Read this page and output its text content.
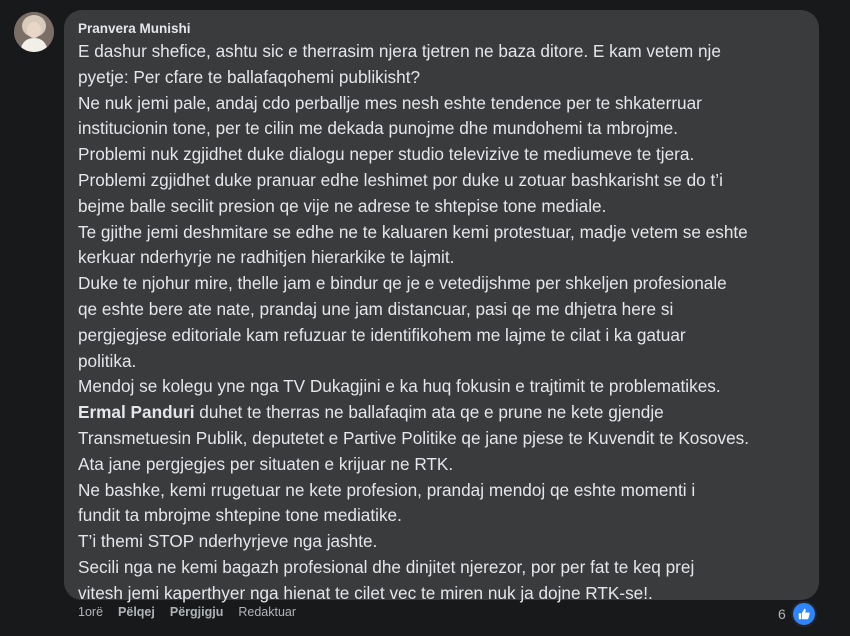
Pranvera Munishi

E dashur shefice, ashtu sic e therrasim njera tjetren ne baza ditore. E kam vetem nje

pyetje: Per cfare te ballafaqohemi publikisht?

Ne nuk jemi pale, andaj cdo perballje mes nesh eshte tendence per te shkaterruar

institucionin tone, per te cilin me dekada punojme dhe mundohemi ta mbrojme.

Problemi nuk zgjidhet duke dialogu neper studio televizive te mediumeve te tjera.

Problemi zgjidhet duke pranuar edhe leshimet por duke u zotuar bashkarisht se do t’i

bejme balle secilit presion qe vije ne adrese te shtepise tone mediale.

Te gjithe jemi deshmitare se edhe ne te kaluaren kemi protestuar, madje vetem se eshte

kerkuar nderhyrje ne radhitjen hierarkike te lajmit.

Duke te njohur mire, thelle jam e bindur qe je e vetedijshme per shkeljen profesionale

qe eshte bere ate nate, prandaj une jam distancuar, pasi qe me dhjetra here si

pergjegjese editoriale kam refuzuar te identifikohem me lajme te cilat i ka gatuar

politika.

Mendoj se kolegu yne nga TV Dukagjini e ka huq fokusin e trajtimit te problematikes.

Ermal Panduri duhet te therras ne ballafaqim ata qe e prune ne kete gjendje

Transmetuesin Publik, deputetet e Partive Politike qe jane pjese te Kuvendit te Kosoves.

Ata jane pergjegjes per situaten e krijuar ne RTK.

Ne bashke, kemi rrugetuar ne kete profesion, prandaj mendoj qe eshte momenti i

fundit ta mbrojme shtepine tone mediatike.

T’i themi STOP nderhyrjeve nga jashte.

Secili nga ne kemi bagazh profesional dhe dinjitet njerezor, por per fat te keq prej

vitesh jemi kaperthyer nga hienat te cilet vec te miren nuk ja dojne RTK-se!.

1orë Pëlqej Përgjigju Redaktuar	6
